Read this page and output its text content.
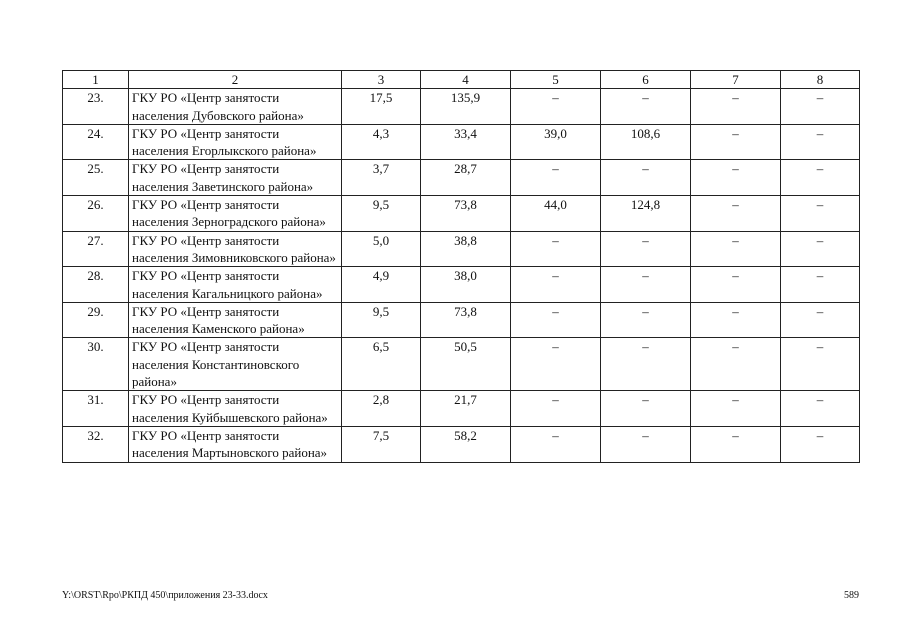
1	2	3	4	5	6	7	8
23.	ГКУ РО «Центр занятости населения Дубовского района»	17,5	135,9	–	–	–	–
24.	ГКУ РО «Центр занятости населения Егорлыкского района»	4,3	33,4	39,0	108,6	–	–
25.	ГКУ РО «Центр занятости населения Заветинского района»	3,7	28,7	–	–	–	–
26.	ГКУ РО «Центр занятости населения Зерноградского района»	9,5	73,8	44,0	124,8	–	–
27.	ГКУ РО «Центр занятости населения Зимовниковского района»	5,0	38,8	–	–	–	–
28.	ГКУ РО «Центр занятости населения Кагальницкого района»	4,9	38,0	–	–	–	–
29.	ГКУ РО «Центр занятости населения Каменского района»	9,5	73,8	–	–	–	–
30.	ГКУ РО «Центр занятости населения Константиновского района»	6,5	50,5	–	–	–	–
31.	ГКУ РО «Центр занятости населения Куйбышевского района»	2,8	21,7	–	–	–	–
32.	ГКУ РО «Центр занятости населения Мартыновского района»	7,5	58,2	–	–	–	–
Y:\ORST\Rpo\РКПД 450\приложения 23-33.docx	589
